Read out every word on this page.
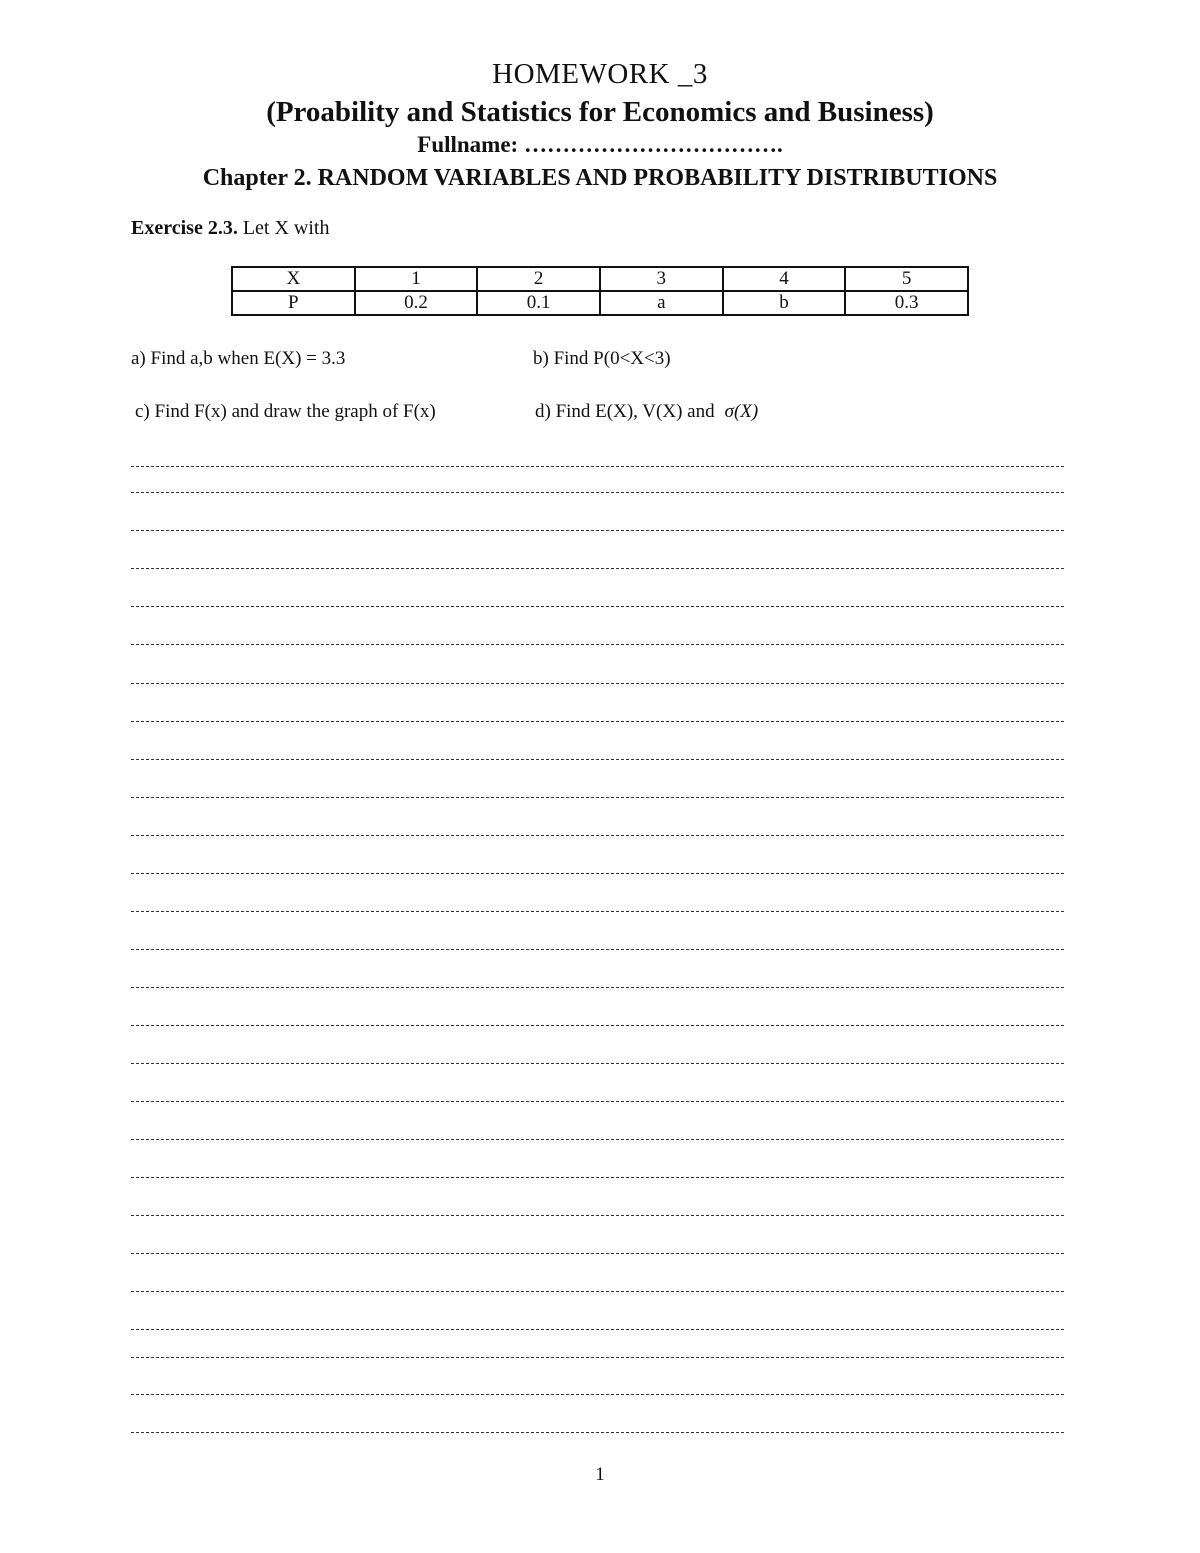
HOMEWORK _3
(Proability and Statistics for Economics and Business)
Fullname: …………………………….
Chapter 2. RANDOM VARIABLES AND PROBABILITY DISTRIBUTIONS
Exercise 2.3. Let X with
X	1	2	3	4	5
P	0.2	0.1	a	b	0.3
a) Find a,b when E(X) = 3.3	b) Find P(0<X<3)
c) Find F(x) and draw the graph of F(x)	d) Find E(X), V(X) and σ(X)
1
